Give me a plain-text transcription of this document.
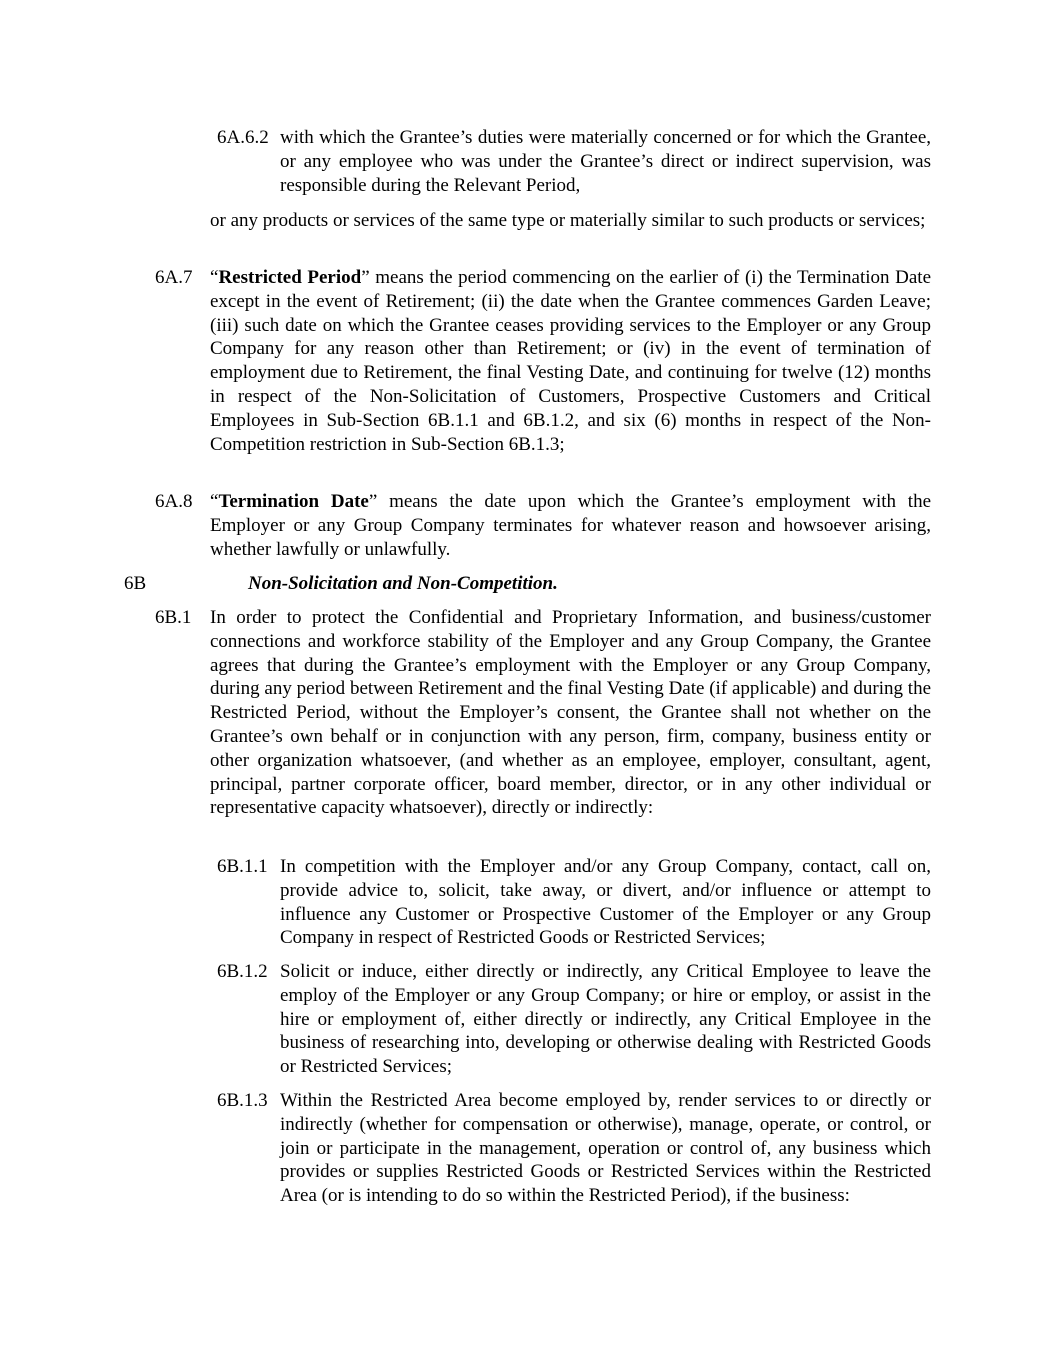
6A.6.2 with which the Grantee’s duties were materially concerned or for which the Grantee, or any employee who was under the Grantee’s direct or indirect supervision, was responsible during the Relevant Period,
or any products or services of the same type or materially similar to such products or services;
6A.7 “Restricted Period” means the period commencing on the earlier of (i) the Termination Date except in the event of Retirement; (ii) the date when the Grantee commences Garden Leave; (iii) such date on which the Grantee ceases providing services to the Employer or any Group Company for any reason other than Retirement; or (iv) in the event of termination of employment due to Retirement, the final Vesting Date, and continuing for twelve (12) months in respect of the Non-Solicitation of Customers, Prospective Customers and Critical Employees in Sub-Section 6B.1.1 and 6B.1.2, and six (6) months in respect of the Non-Competition restriction in Sub-Section 6B.1.3;
6A.8 “Termination Date” means the date upon which the Grantee’s employment with the Employer or any Group Company terminates for whatever reason and howsoever arising, whether lawfully or unlawfully.
6B	Non-Solicitation and Non-Competition.
6B.1 In order to protect the Confidential and Proprietary Information, and business/customer connections and workforce stability of the Employer and any Group Company, the Grantee agrees that during the Grantee’s employment with the Employer or any Group Company, during any period between Retirement and the final Vesting Date (if applicable) and during the Restricted Period, without the Employer’s consent, the Grantee shall not whether on the Grantee’s own behalf or in conjunction with any person, firm, company, business entity or other organization whatsoever, (and whether as an employee, employer, consultant, agent, principal, partner corporate officer, board member, director, or in any other individual or representative capacity whatsoever), directly or indirectly:
6B.1.1 In competition with the Employer and/or any Group Company, contact, call on, provide advice to, solicit, take away, or divert, and/or influence or attempt to influence any Customer or Prospective Customer of the Employer or any Group Company in respect of Restricted Goods or Restricted Services;
6B.1.2 Solicit or induce, either directly or indirectly, any Critical Employee to leave the employ of the Employer or any Group Company; or hire or employ, or assist in the hire or employment of, either directly or indirectly, any Critical Employee in the business of researching into, developing or otherwise dealing with Restricted Goods or Restricted Services;
6B.1.3 Within the Restricted Area become employed by, render services to or directly or indirectly (whether for compensation or otherwise), manage, operate, or control, or join or participate in the management, operation or control of, any business which provides or supplies Restricted Goods or Restricted Services within the Restricted Area (or is intending to do so within the Restricted Period), if the business:
